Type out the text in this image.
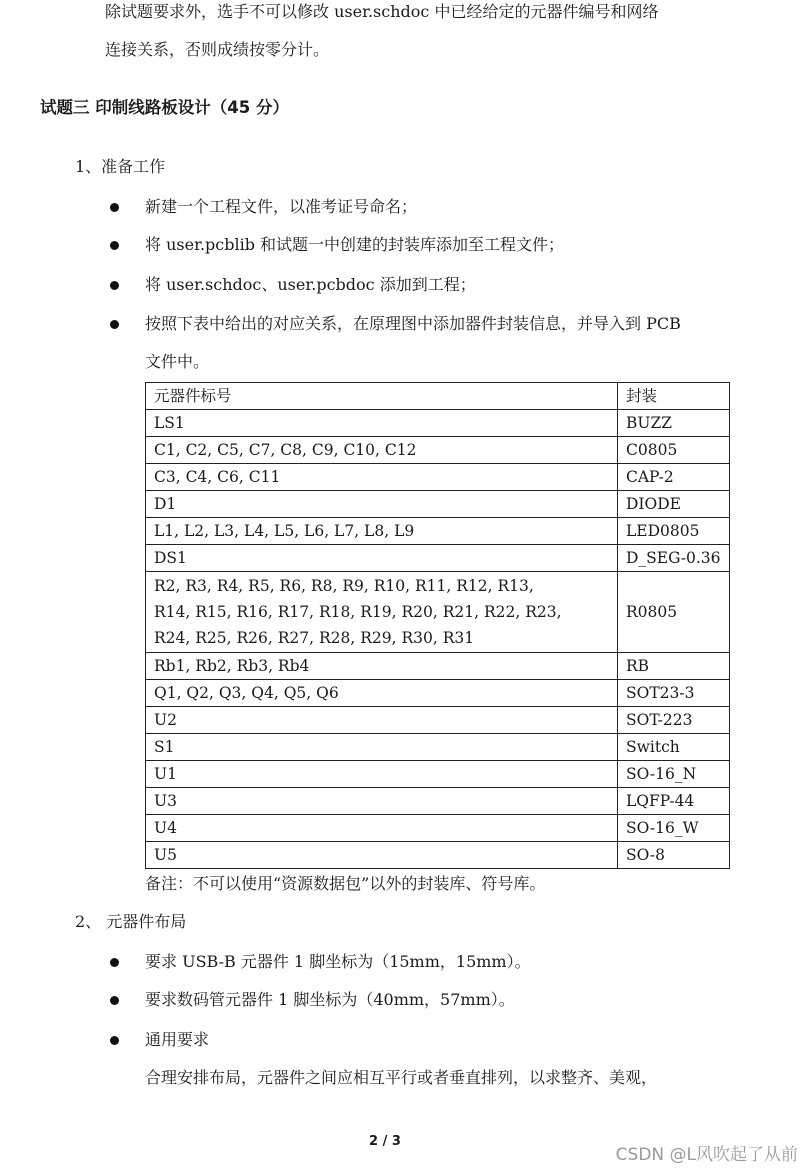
除试题要求外，选手不可以修改 user.schdoc 中已经给定的元器件编号和网络
连接关系，否则成绩按零分计。
试题三 印制线路板设计（45 分）
1、准备工作
新建一个工程文件，以准考证号命名；
将 user.pcblib 和试题一中创建的封装库添加至工程文件；
将 user.schdoc、user.pcbdoc 添加到工程；
按照下表中给出的对应关系，在原理图中添加器件封装信息，并导入到 PCB
文件中。
元器件标号	封装
LS1	BUZZ
C1, C2, C5, C7, C8, C9, C10, C12	C0805
C3, C4, C6, C11	CAP-2
D1	DIODE
L1, L2, L3, L4, L5, L6, L7, L8, L9	LED0805
DS1	D_SEG-0.36

R2, R3, R4, R5, R6, R8, R9, R10, R11, R12, R13,
R14, R15, R16, R17, R18, R19, R20, R21, R22, R23,
R24, R25, R26, R27, R28, R29, R30, R31	R0805
Rb1, Rb2, Rb3, Rb4	RB
Q1, Q2, Q3, Q4, Q5, Q6	SOT23-3
U2	SOT-223
S1	Switch
U1	SO-16_N
U3	LQFP-44
U4	SO-16_W
U5	SO-8
备注：不可以使用“资源数据包”以外的封装库、符号库。
2、 元器件布局
要求 USB-B 元器件 1 脚坐标为（15mm，15mm）。
要求数码管元器件 1 脚坐标为（40mm，57mm）。
通用要求
合理安排布局，元器件之间应相互平行或者垂直排列，以求整齐、美观，
2 / 3
CSDN @L风吹起了从前
